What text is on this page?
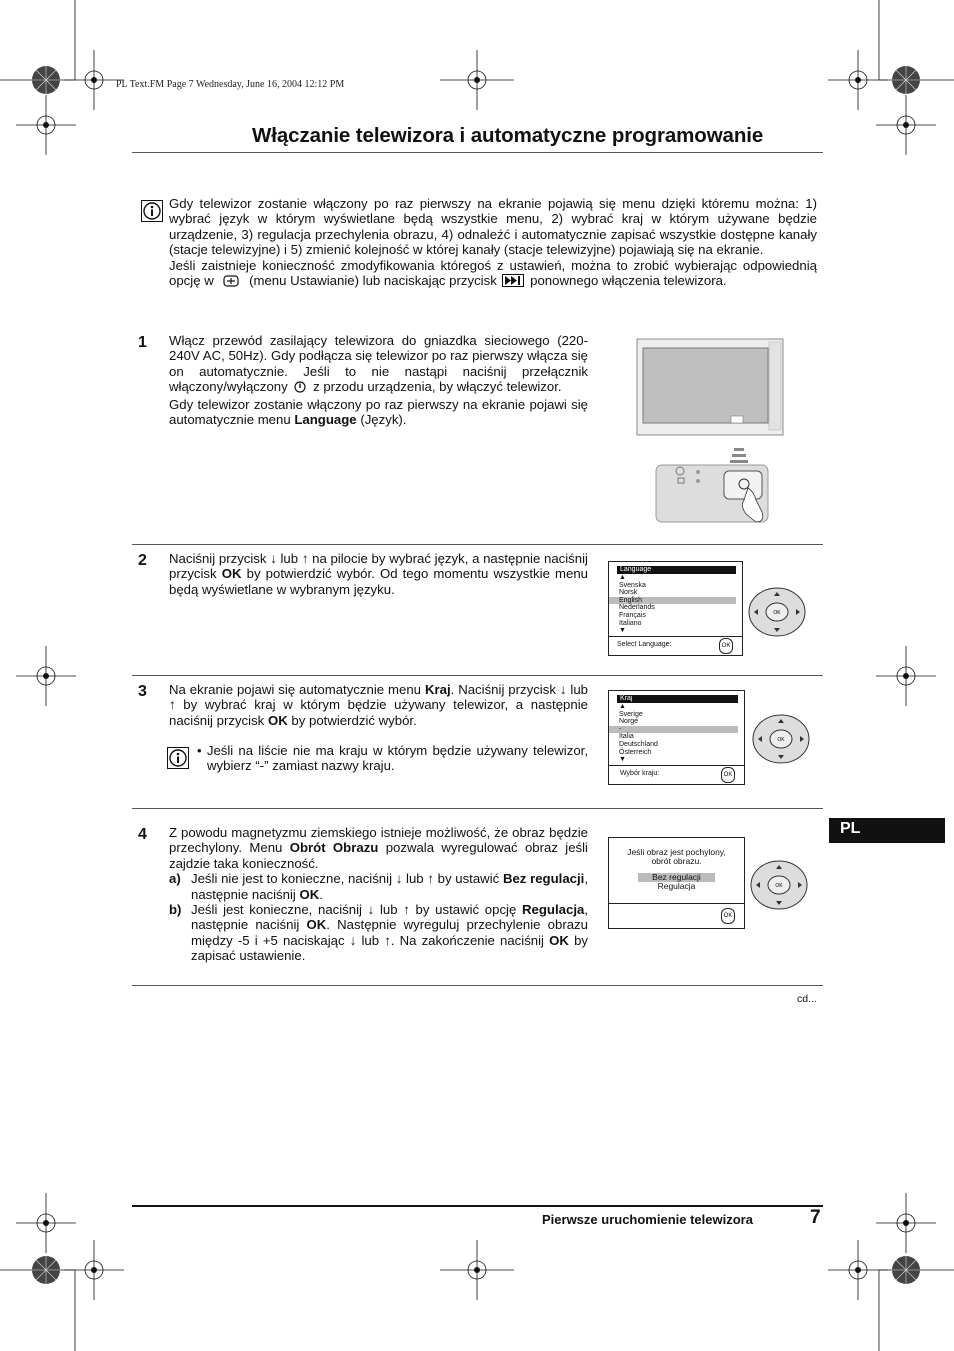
PL Text.FM Page 7 Wednesday, June 16, 2004 12:12 PM
Włączanie telewizora i automatyczne programowanie

Gdy telewizor zostanie włączony po raz pierwszy na ekranie pojawią się menu dzięki któremu można: 1) wybrać język w którym wyświetlane będą wszystkie menu, 2) wybrać kraj w którym używane będzie urządzenie, 3) regulacja przechylenia obrazu, 4) odnaleźć i automatycznie zapisać wszystkie dostępne kanały (stacje telewizyjne) i 5) zmienić kolejność w której kanały (stacje telewizyjne) pojawiają się na ekranie.

Jeśli zaistnieje konieczność zmodyfikowania któregoś z ustawień, można to zrobić wybierając odpowiednią opcję w	(menu Ustawianie) lub naciskając przycisk	ponownego włączenia telewizora.

1 Włącz przewód zasilający telewizora do gniazdka sieciowego (220-240V AC, 50Hz). Gdy podłącza się telewizor po raz pierwszy włącza się on automatycznie. Jeśli to nie nastąpi naciśnij przełącznik włączony/wyłączony z przodu urządzenia, by włączyć telewizor.

Gdy telewizor zostanie włączony po raz pierwszy na ekranie pojawi się automatycznie menu Language (Język).

2 Naciśnij przycisk ↓ lub ↑ na pilocie by wybrać język, a następnie naciśnij przycisk OK by potwierdzić wybór. Od tego momentu wszystkie menu będą wyświetlane w wybranym języku.

Language
▲
Svenska
Norsk
English
Nederlands
Français
Italiano
▼
Select Language:	OK
OK
3 Na ekranie pojawi się automatycznie menu Kraj. Naciśnij przycisk ↓ lub ↑ by wybrać kraj w którym będzie używany telewizor, a następnie naciśnij przycisk OK by potwierdzić wybór.

• Jeśli na liście nie ma kraju w którym będzie używany telewizor, wybierz “-” zamiast nazwy kraju.

Kraj
▲
Sverige
Norge
-
Italia
Deutschland
Österreich
▼
Wybór kraju:	OK
OK
PL
4 Z powodu magnetyzmu ziemskiego istnieje możliwość, że obraz będzie przechylony. Menu Obrót Obrazu pozwala wyregulować obraz jeśli zajdzie taka konieczność.

a) Jeśli nie jest to konieczne, naciśnij ↓ lub ↑ by ustawić Bez regulacji, następnie naciśnij OK.

b) Jeśli jest konieczne, naciśnij ↓ lub ↑ by ustawić opcję Regulacja, następnie naciśnij OK. Następnie wyreguluj przechylenie obrazu między -5 i +5 naciskając ↓ lub ↑. Na zakończenie naciśnij OK by zapisać ustawienie.

Jeśli obraz jest pochylony,
obrót obrazu.
Bez regulacji
Regulacja
OK
OK
cd...
Pierwsze uruchomienie telewizora	7
